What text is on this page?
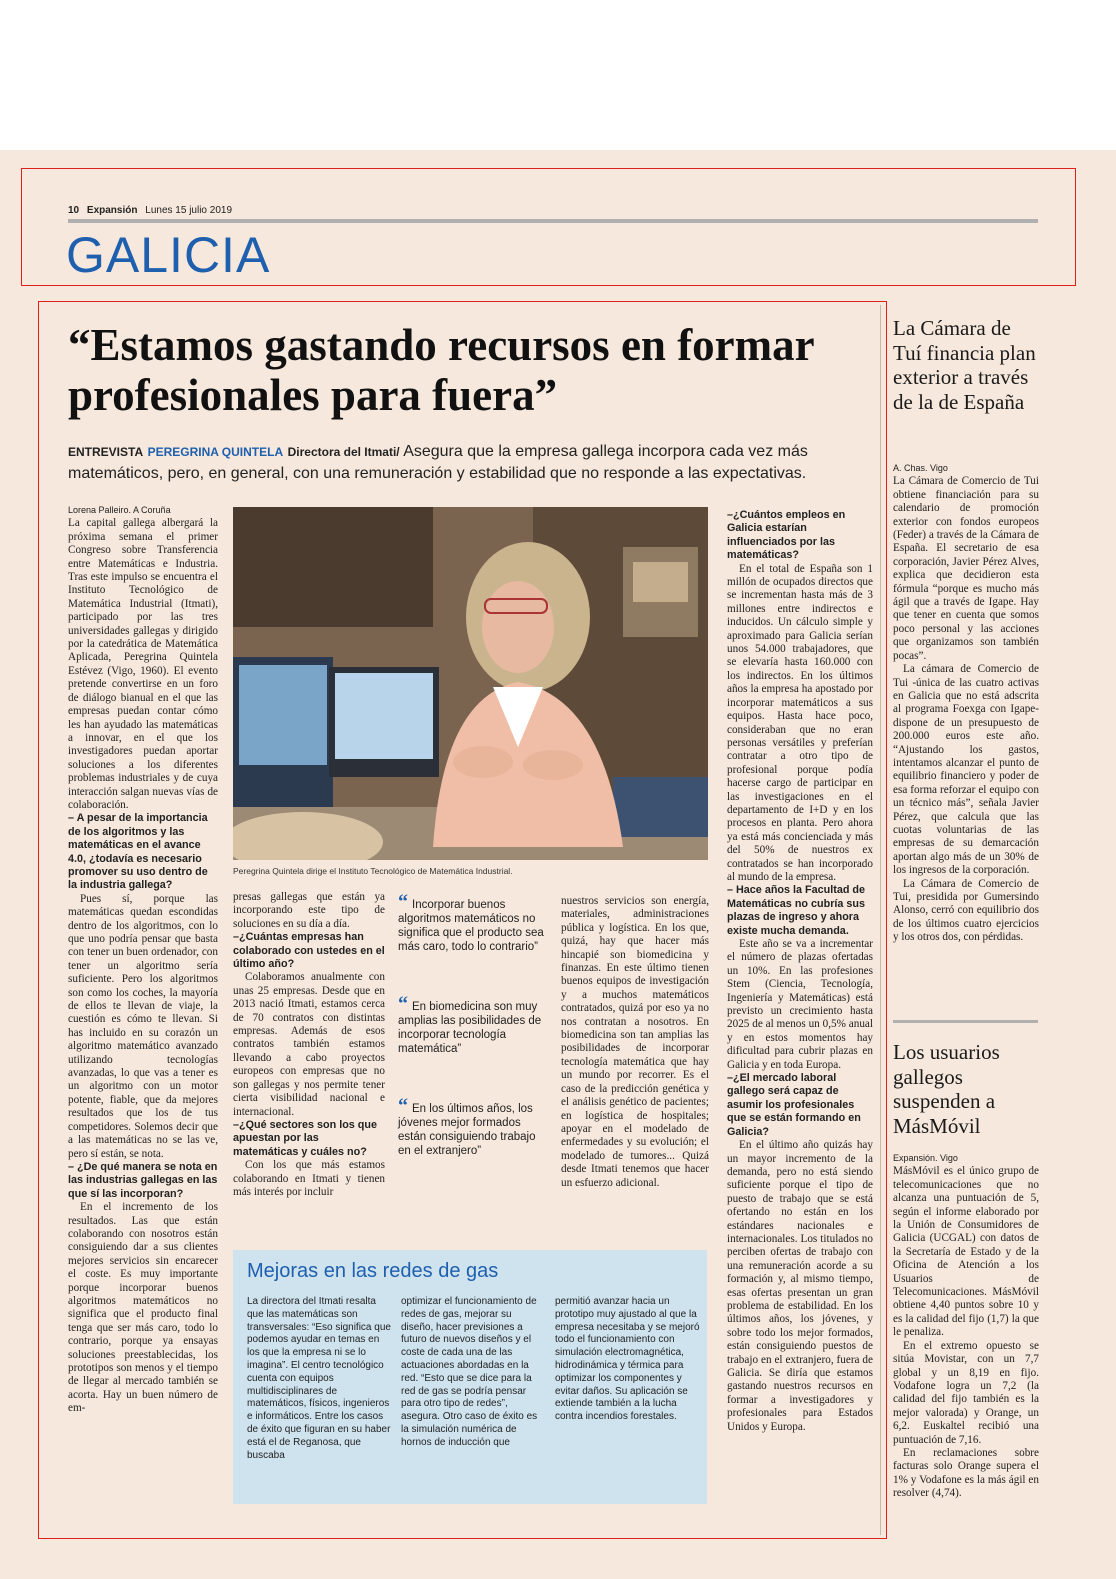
10 Expansión Lunes 15 julio 2019
GALICIA
“Estamos gastando recursos en formar profesionales para fuera”
ENTREVISTA PEREGRINA QUINTELA Directora del Itmati/ Asegura que la empresa gallega incorpora cada vez más matemáticos, pero, en general, con una remuneración y estabilidad que no responde a las expectativas.

Lorena Palleiro. A Coruña

La capital gallega albergará la próxima semana el primer Congreso sobre Transferencia entre Matemáticas e Industria. Tras este impulso se encuentra el Instituto Tecnológico de Matemática Industrial (Itmati), participado por las tres universidades gallegas y dirigido por la catedrática de Matemática Aplicada, Peregrina Quintela Estévez (Vigo, 1960). El evento pretende convertirse en un foro de diálogo bianual en el que las empresas puedan contar cómo les han ayudado las matemáticas a innovar, en el que los investigadores puedan aportar soluciones a los diferentes problemas industriales y de cuya interacción salgan nuevas vías de colaboración.

– A pesar de la importancia de los algoritmos y las matemáticas en el avance 4.0, ¿todavía es necesario promover su uso dentro de la industria gallega?

Pues sí, porque las matemáticas quedan escondidas dentro de los algoritmos, con lo que uno podría pensar que basta con tener un buen ordenador, con tener un algoritmo sería suficiente. Pero los algoritmos son como los coches, la mayoría de ellos te llevan de viaje, la cuestión es cómo te llevan. Si has incluido en su corazón un algoritmo matemático avanzado utilizando tecnologías avanzadas, lo que vas a tener es un algoritmo con un motor potente, fiable, que da mejores resultados que los de tus competidores. Solemos decir que a las matemáticas no se las ve, pero sí están, se nota.

– ¿De qué manera se nota en las industrias gallegas en las que sí las incorporan?

En el incremento de los resultados. Las que están colaborando con nosotros están consiguiendo dar a sus clientes mejores servicios sin encarecer el coste. Es muy importante porque incorporar buenos algoritmos matemáticos no significa que el producto final tenga que ser más caro, todo lo contrario, porque ya ensayas soluciones preestablecidas, los prototipos son menos y el tiempo de llegar al mercado también se acorta. Hay un buen número de em-

Peregrina Quintela dirige el Instituto Tecnológico de Matemática Industrial.

presas gallegas que están ya incorporando este tipo de soluciones en su día a día.

–¿Cuántas empresas han colaborado con ustedes en el último año?

Colaboramos anualmente con unas 25 empresas. Desde que en 2013 nació Itmati, estamos cerca de 70 contratos con distintas empresas. Además de esos contratos también estamos llevando a cabo proyectos europeos con empresas que no son gallegas y nos permite tener cierta visibilidad nacional e internacional.

–¿Qué sectores son los que apuestan por las matemáticas y cuáles no?

Con los que más estamos colaborando en Itmati y tienen más interés por incluir

“ Incorporar buenos algoritmos matemáticos no significa que el producto sea más caro, todo lo contrario”
“ En biomedicina son muy amplias las posibilidades de incorporar tecnología matemática”
“ En los últimos años, los jóvenes mejor formados están consiguiendo trabajo en el extranjero”

nuestros servicios son energía, materiales, administraciones pública y logística. En los que, quizá, hay que hacer más hincapié son biomedicina y finanzas. En este último tienen buenos equipos de investigación y a muchos matemáticos contratados, quizá por eso ya no nos contratan a nosotros. En biomedicina son tan amplias las posibilidades de incorporar tecnología matemática que hay un mundo por recorrer. Es el caso de la predicción genética y el análisis genético de pacientes; en logística de hospitales; apoyar en el modelado de enfermedades y su evolución; el modelado de tumores... Quizá desde Itmati tenemos que hacer un esfuerzo adicional.

–¿Cuántos empleos en Galicia estarían influenciados por las matemáticas?

En el total de España son 1 millón de ocupados directos que se incrementan hasta más de 3 millones entre indirectos e inducidos. Un cálculo simple y aproximado para Galicia serían unos 54.000 trabajadores, que se elevaría hasta 160.000 con los indirectos. En los últimos años la empresa ha apostado por incorporar matemáticos a sus equipos. Hasta hace poco, consideraban que no eran personas versátiles y preferían contratar a otro tipo de profesional porque podía hacerse cargo de participar en las investigaciones en el departamento de I+D y en los procesos en planta. Pero ahora ya está más concienciada y más del 50% de nuestros ex contratados se han incorporado al mundo de la empresa.

– Hace años la Facultad de Matemáticas no cubría sus plazas de ingreso y ahora existe mucha demanda.

Este año se va a incrementar el número de plazas ofertadas un 10%. En las profesiones Stem (Ciencia, Tecnología, Ingeniería y Matemáticas) está previsto un crecimiento hasta 2025 de al menos un 0,5% anual y en estos momentos hay dificultad para cubrir plazas en Galicia y en toda Europa.

–¿El mercado laboral gallego será capaz de asumir los profesionales que se están formando en Galicia?

En el último año quizás hay un mayor incremento de la demanda, pero no está siendo suficiente porque el tipo de puesto de trabajo que se está ofertando no están en los estándares nacionales e internacionales. Los titulados no perciben ofertas de trabajo con una remuneración acorde a su formación y, al mismo tiempo, esas ofertas presentan un gran problema de estabilidad. En los últimos años, los jóvenes, y sobre todo los mejor formados, están consiguiendo puestos de trabajo en el extranjero, fuera de Galicia. Se diría que estamos gastando nuestros recursos en formar a investigadores y profesionales para Estados Unidos y Europa.

Mejoras en las redes de gas
La directora del Itmati resalta que las matemáticas son transversales: “Eso significa que podemos ayudar en temas en los que la empresa ni se lo imagina”. El centro tecnológico cuenta con equipos multidisciplinares de matemáticos, físicos, ingenieros e informáticos. Entre los casos de éxito que figuran en su haber está el de Reganosa, que buscaba
optimizar el funcionamiento de redes de gas, mejorar su diseño, hacer previsiones a futuro de nuevos diseños y el coste de cada una de las actuaciones abordadas en la red. “Esto que se dice para la red de gas se podría pensar para otro tipo de redes”, asegura. Otro caso de éxito es la simulación numérica de hornos de inducción que
permitió avanzar hacia un prototipo muy ajustado al que la empresa necesitaba y se mejoró todo el funcionamiento con simulación electromagnética, hidrodinámica y térmica para optimizar los componentes y evitar daños. Su aplicación se extiende también a la lucha contra incendios forestales.
La Cámara de Tuí financia plan exterior a través de la de España

A. Chas. Vigo

La Cámara de Comercio de Tui obtiene financiación para su calendario de promoción exterior con fondos europeos (Feder) a través de la Cámara de España. El secretario de esa corporación, Javier Pérez Alves, explica que decidieron esta fórmula “porque es mucho más ágil que a través de Igape. Hay que tener en cuenta que somos poco personal y las acciones que organizamos son también pocas”.

La cámara de Comercio de Tui -única de las cuatro activas en Galicia que no está adscrita al programa Foexga con Igape- dispone de un presupuesto de 200.000 euros este año. “Ajustando los gastos, intentamos alcanzar el punto de equilibrio financiero y poder de esa forma reforzar el equipo con un técnico más”, señala Javier Pérez, que calcula que las cuotas voluntarias de las empresas de su demarcación aportan algo más de un 30% de los ingresos de la corporación.

La Cámara de Comercio de Tui, presidida por Gumersindo Alonso, cerró con equilibrio dos de los últimos cuatro ejercicios y los otros dos, con pérdidas.

Los usuarios gallegos suspenden a MásMóvil

Expansión. Vigo

MásMóvil es el único grupo de telecomunicaciones que no alcanza una puntuación de 5, según el informe elaborado por la Unión de Consumidores de Galicia (UCGAL) con datos de la Secretaría de Estado y de la Oficina de Atención a los Usuarios de Telecomunicaciones. MásMóvil obtiene 4,40 puntos sobre 10 y es la calidad del fijo (1,7) la que le penaliza.

En el extremo opuesto se sitúa Movistar, con un 7,7 global y un 8,19 en fijo. Vodafone logra un 7,2 (la calidad del fijo también es la mejor valorada) y Orange, un 6,2. Euskaltel recibió una puntuación de 7,16.

En reclamaciones sobre facturas solo Orange supera el 1% y Vodafone es la más ágil en resolver (4,74).
